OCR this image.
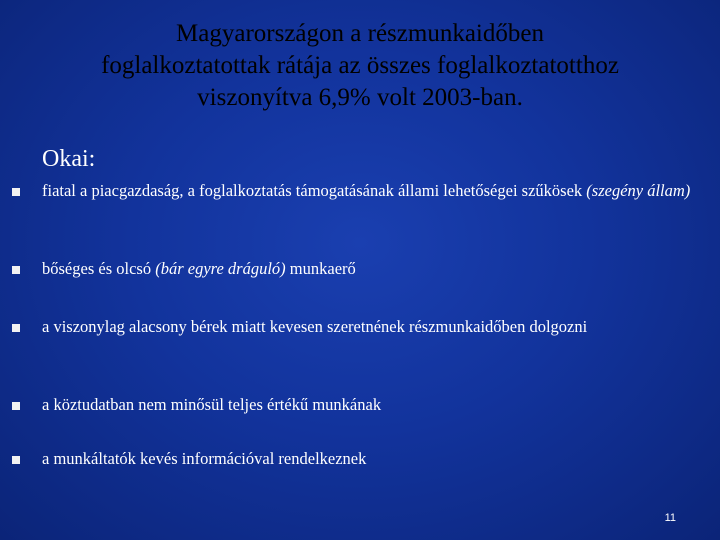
Magyarországon a részmunkaidőben
foglalkoztatottak rátája az összes foglalkoztatotthoz
viszonyítva 6,9% volt 2003-ban.
Okai:
fiatal a piacgazdaság, a foglalkoztatás támogatásának állami lehetőségei szűkösek (szegény állam)
bőséges és olcsó (bár egyre dráguló) munkaerő
a viszonylag alacsony bérek miatt kevesen szeretnének részmunkaidőben dolgozni
a köztudatban nem minősül teljes értékű munkának
a munkáltatók kevés információval rendelkeznek
11
